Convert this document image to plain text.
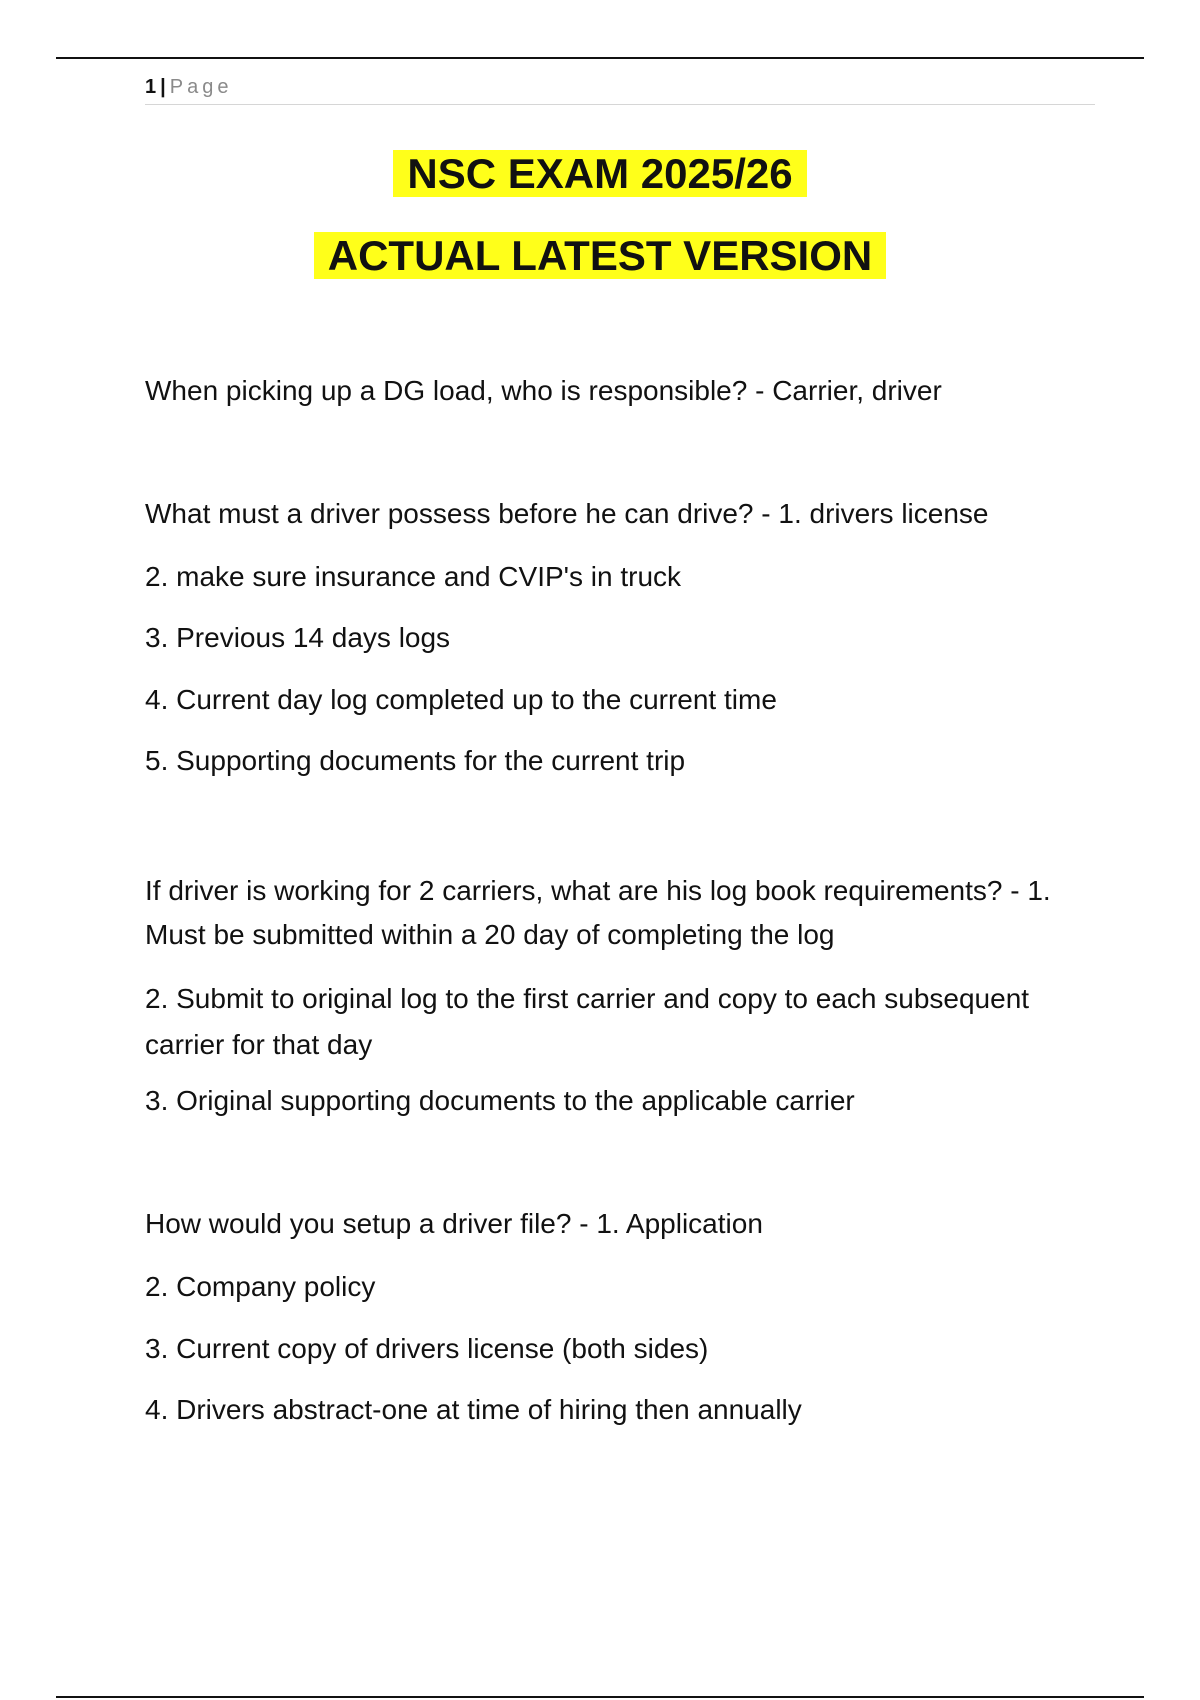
1 | Page
NSC EXAM 2025/26
ACTUAL LATEST VERSION
When picking up a DG load, who is responsible? - Carrier, driver
What must a driver possess before he can drive? - 1. drivers license
2. make sure insurance and CVIP's in truck
3. Previous 14 days logs
4. Current day log completed up to the current time
5. Supporting documents for the current trip
If driver is working for 2 carriers, what are his log book requirements? - 1. Must be submitted within a 20 day of completing the log
2. Submit to original log to the first carrier and copy to each subsequent carrier for that day
3. Original supporting documents to the applicable carrier
How would you setup a driver file? - 1. Application
2. Company policy
3. Current copy of drivers license (both sides)
4. Drivers abstract-one at time of hiring then annually
